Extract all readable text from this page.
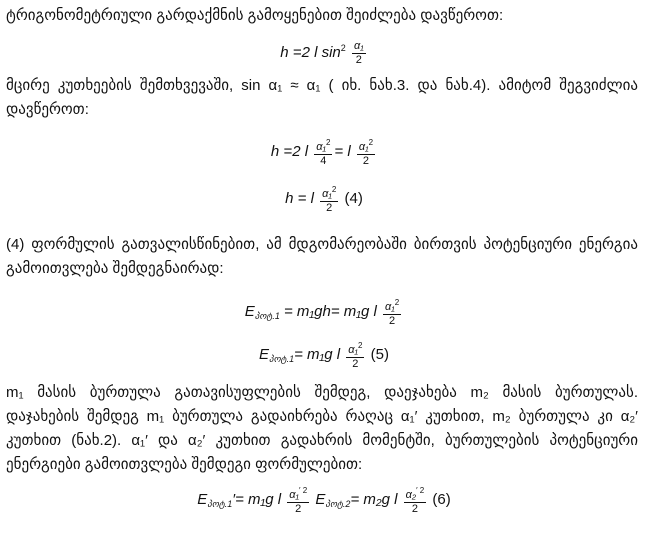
ტრიგონომეტრიული გარდაქმნის გამოყენებით შეიძლება დავწეროთ:
h =2 l $\sin^2 \frac{\text{α₁}}{2}$
მცირე კუთხეების შემთხვევაში, sin α₁ ≈ α₁ ( იხ. ნახ.3. და ნახ.4). ამიტომ შეგვიძლია დავწეროთ:
h =2 l $\frac{\alpha_1^2}{4} = l \frac{\alpha_1^2}{2}$
h = l $\frac{\alpha_1^2}{2} (4)$
(4) ფორმულის გათვალისწინებით, ამ მდგომარეობაში ბირთვის პოტენციური ენერგია გამოითვლება შემდეგნაირად:
$E_{პოტ.1} = m_1gh= m_1g$ l $\frac{\alpha_1^2}{2}$
$E_{პოტ.1}= m_1g$ l $\frac{\alpha_1^2}{2} (5)$
m₁ მასის ბურთულა გათავისუფლების შემდეგ, დაეჯახება m₂ მასის ბურთულას. დაჯახების შემდეგ m₁ ბურთულა გადაიხრება რაღაც α₁′ კუთხით, m₂ ბურთულა კი α₂′ კუთხით (ნახ.2). α₁′ და α₂′ კუთხით გადახრის მომენტში, ბურთულების პოტენციური ენერგიები გამოითვლება შემდეგი ფორმულებით:
$E_{პოტ.1}'= m_1g$ l $\frac{\alpha_1^{' 2}}{2} E_{პოტ.2}= m_2g$ l $\frac{\alpha_2^{' 2}}{2} (6)$
